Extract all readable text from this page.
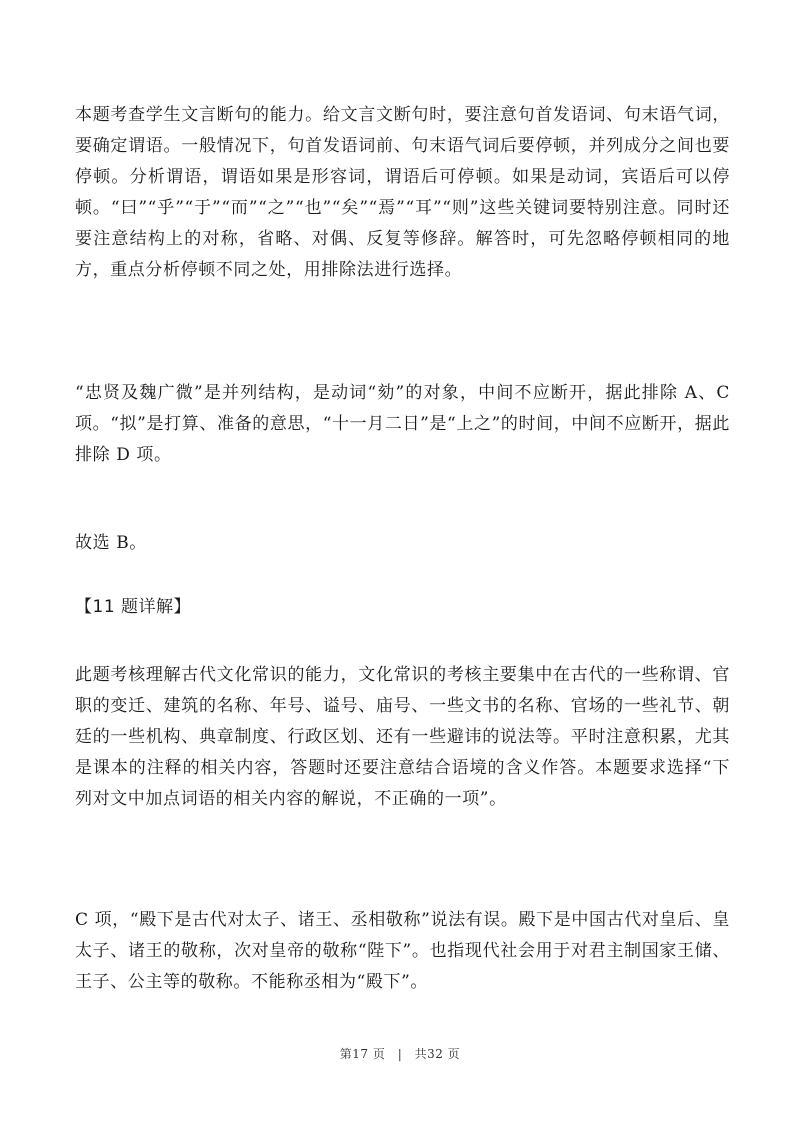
本题考查学生文言断句的能力。给文言文断句时，要注意句首发语词、句末语气词，要确定谓语。一般情况下，句首发语词前、句末语气词后要停顿，并列成分之间也要停顿。分析谓语，谓语如果是形容词，谓语后可停顿。如果是动词，宾语后可以停顿。“曰”“乎”“于”“而”“之”“也”“矣”“焉”“耳”“则”这些关键词要特别注意。同时还要注意结构上的对称，省略、对偶、反复等修辞。解答时，可先忽略停顿相同的地方，重点分析停顿不同之处，用排除法进行选择。

“忠贤及魏广微”是并列结构，是动词“劾”的对象，中间不应断开，据此排除 A、C 项。“拟”是打算、准备的意思，“十一月二日”是“上之”的时间，中间不应断开，据此排除 D 项。

故选 B。

【11 题详解】

此题考核理解古代文化常识的能力，文化常识的考核主要集中在古代的一些称谓、官职的变迁、建筑的名称、年号、谥号、庙号、一些文书的名称、官场的一些礼节、朝廷的一些机构、典章制度、行政区划、还有一些避讳的说法等。平时注意积累，尤其是课本的注释的相关内容，答题时还要注意结合语境的含义作答。本题要求选择“下列对文中加点词语的相关内容的解说，不正确的一项”。

C 项，“殿下是古代对太子、诸王、丞相敬称”说法有误。殿下是中国古代对皇后、皇太子、诸王的敬称，次对皇帝的敬称“陛下”。也指现代社会用于对君主制国家王储、王子、公主等的敬称。不能称丞相为“殿下”。

第17 页 | 共32 页
